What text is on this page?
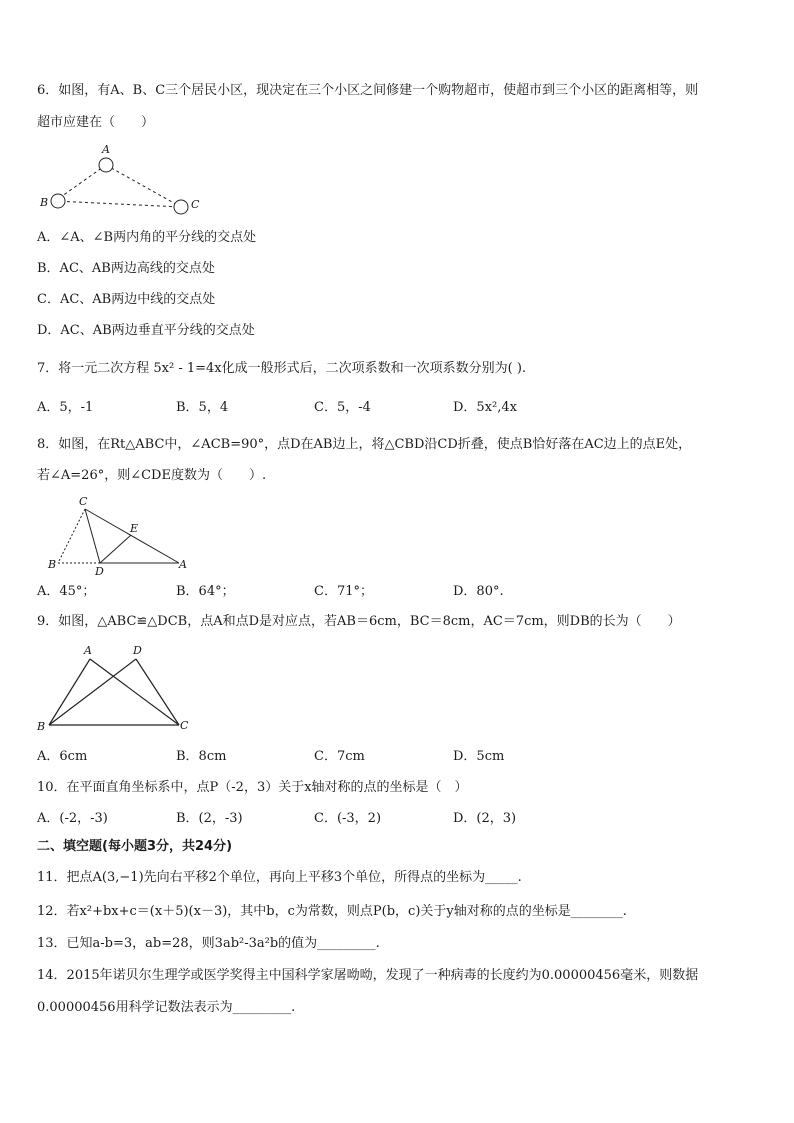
6．如图，有A、B、C三个居民小区，现决定在三个小区之间修建一个购物超市，使超市到三个小区的距离相等，则
超市应建在（　　）
A
B	C
A．∠A、∠B两内角的平分线的交点处
B．AC、AB两边高线的交点处
C．AC、AB两边中线的交点处
D．AC、AB两边垂直平分线的交点处
7．将一元二次方程 5x² - 1=4x化成一般形式后，二次项系数和一次项系数分别为( ).
A．5，-1	B．5，4	C．5，-4	D．5x²,4x
8．如图，在Rt△ABC中，∠ACB=90°，点D在AB边上，将△CBD沿CD折叠，使点B恰好落在AC边上的点E处，
若∠A=26°，则∠CDE度数为（　　）.
C
E
B
D
A
A．45°；	B．64°；	C．71°；	D．80°.
9．如图，△ABC≌△DCB，点A和点D是对应点，若AB＝6cm，BC＝8cm，AC＝7cm，则DB的长为（　　）
A	D
B	C
A．6cm	B．8cm	C．7cm	D．5cm
10．在平面直角坐标系中，点P（-2，3）关于x轴对称的点的坐标是（　）
A．(-2，-3)	B．(2，-3)	C．(-3，2)	D．(2，3)
二、填空题(每小题3分，共24分)
11．把点A(3,−1)先向右平移2个单位，再向上平移3个单位，所得点的坐标为_____.
12．若x²+bx+c＝(x＋5)(x－3)，其中b，c为常数，则点P(b，c)关于y轴对称的点的坐标是________.
13．已知a-b=3，ab=28，则3ab²-3a²b的值为_________.
14．2015年诺贝尔生理学或医学奖得主中国科学家屠呦呦，发现了一种病毒的长度约为0.00000456毫米，则数据
0.00000456用科学记数法表示为_________.
